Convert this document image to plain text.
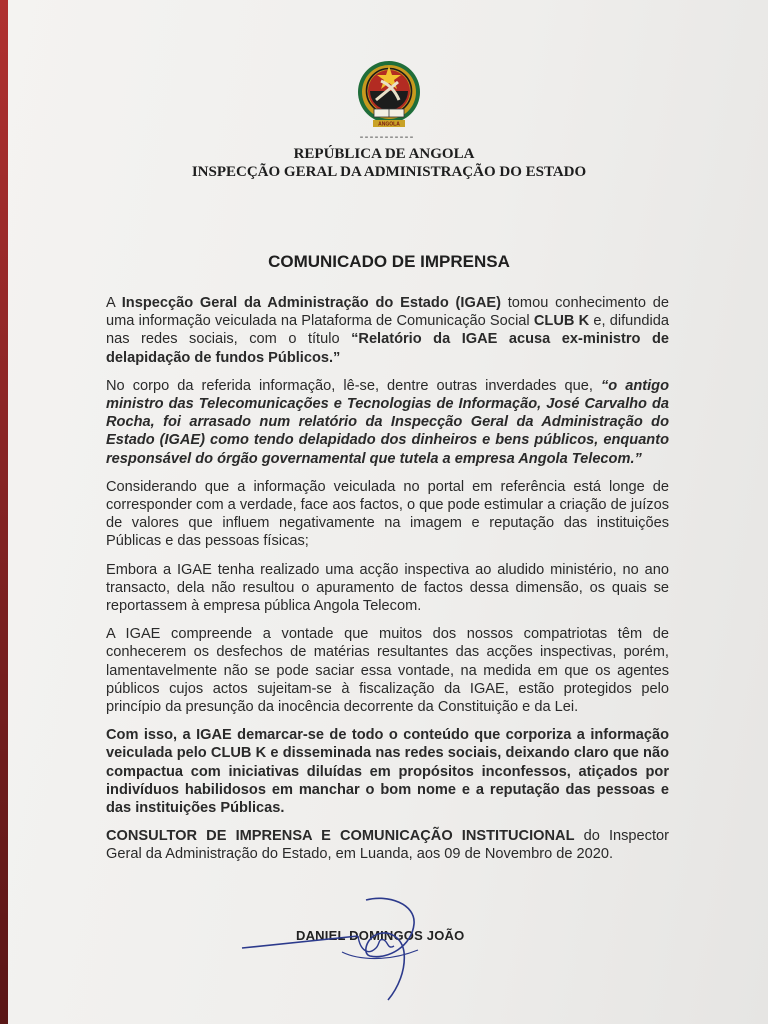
ANGOLA
-----------
REPÚBLICA DE ANGOLA
INSPECÇÃO GERAL DA ADMINISTRAÇÃO DO ESTADO
COMUNICADO DE IMPRENSA

A Inspecção Geral da Administração do Estado (IGAE) tomou conhecimento de uma informação veiculada na Plataforma de Comunicação Social CLUB K e, difundida nas redes sociais, com o título “Relatório da IGAE acusa ex-ministro de delapidação de fundos Públicos.”

No corpo da referida informação, lê-se, dentre outras inverdades que, “o antigo ministro das Telecomunicações e Tecnologias de Informação, José Carvalho da Rocha, foi arrasado num relatório da Inspecção Geral da Administração do Estado (IGAE) como tendo delapidado dos dinheiros e bens públicos, enquanto responsável do órgão governamental que tutela a empresa Angola Telecom.”

Considerando que a informação veiculada no portal em referência está longe de corresponder com a verdade, face aos factos, o que pode estimular a criação de juízos de valores que influem negativamente na imagem e reputação das instituições Públicas e das pessoas físicas;

Embora a IGAE tenha realizado uma acção inspectiva ao aludido ministério, no ano transacto, dela não resultou o apuramento de factos dessa dimensão, os quais se reportassem à empresa pública Angola Telecom.

A IGAE compreende a vontade que muitos dos nossos compatriotas têm de conhecerem os desfechos de matérias resultantes das acções inspectivas, porém, lamentavelmente não se pode saciar essa vontade, na medida em que os agentes públicos cujos actos sujeitam-se à fiscalização da IGAE, estão protegidos pelo princípio da presunção da inocência decorrente da Constituição e da Lei.

Com isso, a IGAE demarcar-se de todo o conteúdo que corporiza a informação veiculada pelo CLUB K e disseminada nas redes sociais, deixando claro que não compactua com iniciativas diluídas em propósitos inconfessos, atiçados por indivíduos habilidosos em manchar o bom nome e a reputação das pessoas e das instituições Públicas.

CONSULTOR DE IMPRENSA E COMUNICAÇÃO INSTITUCIONAL do Inspector Geral da Administração do Estado, em Luanda, aos 09 de Novembro de 2020.

DANIEL DOMINGOS JOÃO
